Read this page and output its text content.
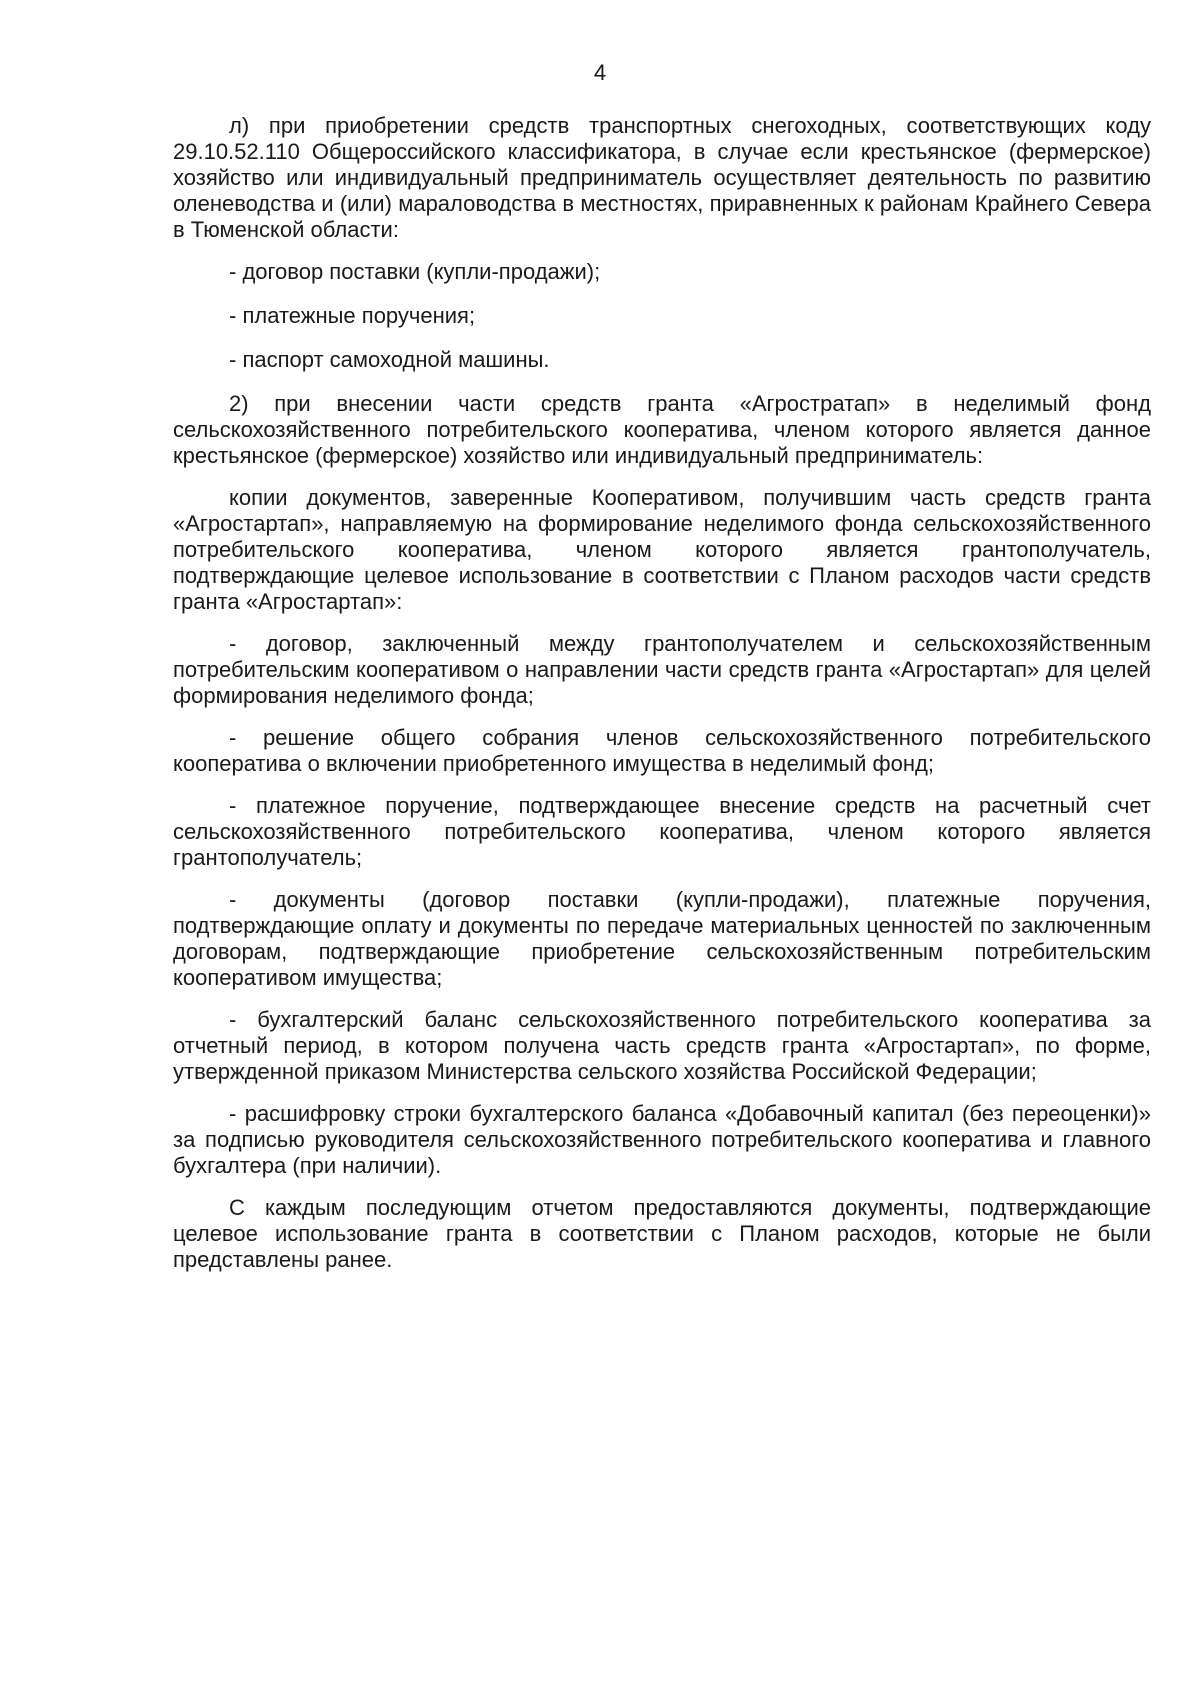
4

л) при приобретении средств транспортных снегоходных, соответствующих коду 29.10.52.110 Общероссийского классификатора, в случае если крестьянское (фермерское) хозяйство или индивидуальный предприниматель осуществляет деятельность по развитию оленеводства и (или) мараловодства в местностях, приравненных к районам Крайнего Севера в Тюменской области:

- договор поставки (купли-продажи);

- платежные поручения;

- паспорт самоходной машины.

2) при внесении части средств гранта «Агростратап» в неделимый фонд сельскохозяйственного потребительского кооператива, членом которого является данное крестьянское (фермерское) хозяйство или индивидуальный предприниматель:

копии документов, заверенные Кооперативом, получившим часть средств гранта «Агростартап», направляемую на формирование неделимого фонда сельскохозяйственного потребительского кооператива, членом которого является грантополучатель, подтверждающие целевое использование в соответствии с Планом расходов части средств гранта «Агростартап»:

- договор, заключенный между грантополучателем и сельскохозяйственным потребительским кооперативом о направлении части средств гранта «Агростартап» для целей формирования неделимого фонда;

- решение общего собрания членов сельскохозяйственного потребительского кооператива о включении приобретенного имущества в неделимый фонд;

- платежное поручение, подтверждающее внесение средств на расчетный счет сельскохозяйственного потребительского кооператива, членом которого является грантополучатель;

- документы (договор поставки (купли-продажи), платежные поручения, подтверждающие оплату и документы по передаче материальных ценностей по заключенным договорам, подтверждающие приобретение сельскохозяйственным потребительским кооперативом имущества;

- бухгалтерский баланс сельскохозяйственного потребительского кооператива за отчетный период, в котором получена часть средств гранта «Агростартап», по форме, утвержденной приказом Министерства сельского хозяйства Российской Федерации;

- расшифровку строки бухгалтерского баланса «Добавочный капитал (без переоценки)» за подписью руководителя сельскохозяйственного потребительского кооператива и главного бухгалтера (при наличии).

С каждым последующим отчетом предоставляются документы, подтверждающие целевое использование гранта в соответствии с Планом расходов, которые не были представлены ранее.
